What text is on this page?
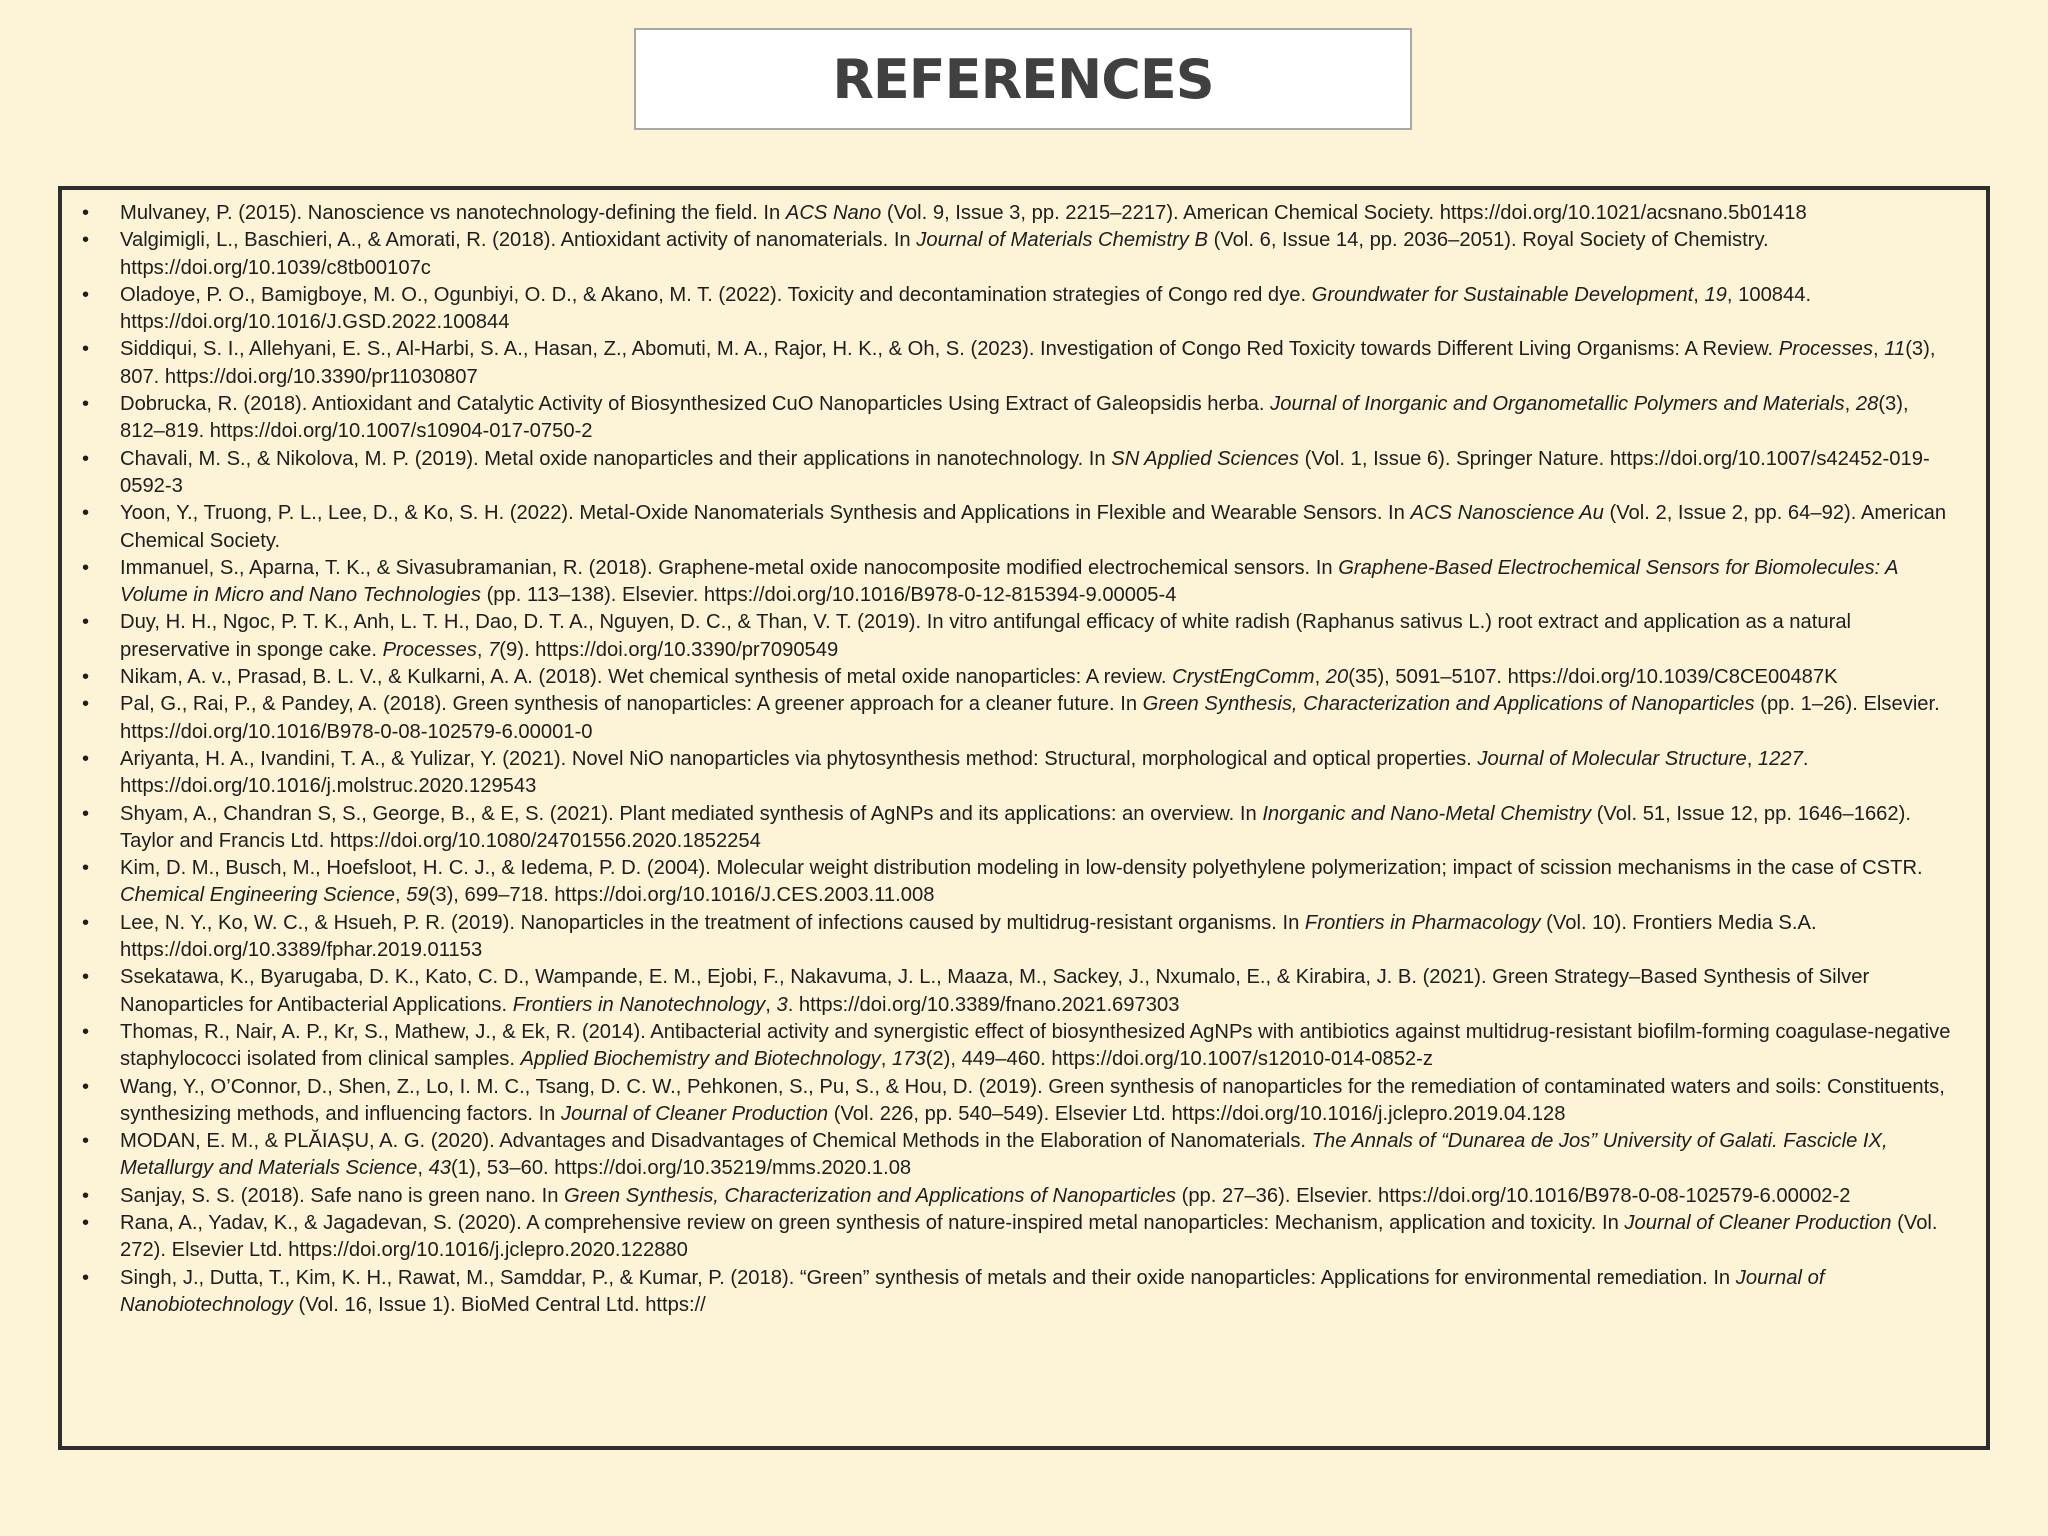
REFERENCES
• Mulvaney, P. (2015). Nanoscience vs nanotechnology-defining the field. In ACS Nano (Vol. 9, Issue 3, pp. 2215–2217). American Chemical Society. https://doi.org/10.1021/acsnano.5b01418
• Valgimigli, L., Baschieri, A., & Amorati, R. (2018). Antioxidant activity of nanomaterials. In Journal of Materials Chemistry B (Vol. 6, Issue 14, pp. 2036–2051). Royal Society of Chemistry. https://doi.org/10.1039/c8tb00107c
• Oladoye, P. O., Bamigboye, M. O., Ogunbiyi, O. D., & Akano, M. T. (2022). Toxicity and decontamination strategies of Congo red dye. Groundwater for Sustainable Development, 19, 100844. https://doi.org/10.1016/J.GSD.2022.100844
• Siddiqui, S. I., Allehyani, E. S., Al-Harbi, S. A., Hasan, Z., Abomuti, M. A., Rajor, H. K., & Oh, S. (2023). Investigation of Congo Red Toxicity towards Different Living Organisms: A Review. Processes, 11(3), 807. https://doi.org/10.3390/pr11030807
• Dobrucka, R. (2018). Antioxidant and Catalytic Activity of Biosynthesized CuO Nanoparticles Using Extract of Galeopsidis herba. Journal of Inorganic and Organometallic Polymers and Materials, 28(3), 812–819. https://doi.org/10.1007/s10904-017-0750-2
• Chavali, M. S., & Nikolova, M. P. (2019). Metal oxide nanoparticles and their applications in nanotechnology. In SN Applied Sciences (Vol. 1, Issue 6). Springer Nature. https://doi.org/10.1007/s42452-019-0592-3
• Yoon, Y., Truong, P. L., Lee, D., & Ko, S. H. (2022). Metal-Oxide Nanomaterials Synthesis and Applications in Flexible and Wearable Sensors. In ACS Nanoscience Au (Vol. 2, Issue 2, pp. 64–92). American Chemical Society.
• Immanuel, S., Aparna, T. K., & Sivasubramanian, R. (2018). Graphene-metal oxide nanocomposite modified electrochemical sensors. In Graphene-Based Electrochemical Sensors for Biomolecules: A Volume in Micro and Nano Technologies (pp. 113–138). Elsevier. https://doi.org/10.1016/B978-0-12-815394-9.00005-4
• Duy, H. H., Ngoc, P. T. K., Anh, L. T. H., Dao, D. T. A., Nguyen, D. C., & Than, V. T. (2019). In vitro antifungal efficacy of white radish (Raphanus sativus L.) root extract and application as a natural preservative in sponge cake. Processes, 7(9). https://doi.org/10.3390/pr7090549
• Nikam, A. v., Prasad, B. L. V., & Kulkarni, A. A. (2018). Wet chemical synthesis of metal oxide nanoparticles: A review. CrystEngComm, 20(35), 5091–5107. https://doi.org/10.1039/C8CE00487K
• Pal, G., Rai, P., & Pandey, A. (2018). Green synthesis of nanoparticles: A greener approach for a cleaner future. In Green Synthesis, Characterization and Applications of Nanoparticles (pp. 1–26). Elsevier. https://doi.org/10.1016/B978-0-08-102579-6.00001-0
• Ariyanta, H. A., Ivandini, T. A., & Yulizar, Y. (2021). Novel NiO nanoparticles via phytosynthesis method: Structural, morphological and optical properties. Journal of Molecular Structure, 1227. https://doi.org/10.1016/j.molstruc.2020.129543
• Shyam, A., Chandran S, S., George, B., & E, S. (2021). Plant mediated synthesis of AgNPs and its applications: an overview. In Inorganic and Nano-Metal Chemistry (Vol. 51, Issue 12, pp. 1646–1662). Taylor and Francis Ltd. https://doi.org/10.1080/24701556.2020.1852254
• Kim, D. M., Busch, M., Hoefsloot, H. C. J., & Iedema, P. D. (2004). Molecular weight distribution modeling in low-density polyethylene polymerization; impact of scission mechanisms in the case of CSTR. Chemical Engineering Science, 59(3), 699–718. https://doi.org/10.1016/J.CES.2003.11.008
• Lee, N. Y., Ko, W. C., & Hsueh, P. R. (2019). Nanoparticles in the treatment of infections caused by multidrug-resistant organisms. In Frontiers in Pharmacology (Vol. 10). Frontiers Media S.A. https://doi.org/10.3389/fphar.2019.01153
• Ssekatawa, K., Byarugaba, D. K., Kato, C. D., Wampande, E. M., Ejobi, F., Nakavuma, J. L., Maaza, M., Sackey, J., Nxumalo, E., & Kirabira, J. B. (2021). Green Strategy–Based Synthesis of Silver Nanoparticles for Antibacterial Applications. Frontiers in Nanotechnology, 3. https://doi.org/10.3389/fnano.2021.697303
• Thomas, R., Nair, A. P., Kr, S., Mathew, J., & Ek, R. (2014). Antibacterial activity and synergistic effect of biosynthesized AgNPs with antibiotics against multidrug-resistant biofilm-forming coagulase-negative staphylococci isolated from clinical samples. Applied Biochemistry and Biotechnology, 173(2), 449–460. https://doi.org/10.1007/s12010-014-0852-z
• Wang, Y., O’Connor, D., Shen, Z., Lo, I. M. C., Tsang, D. C. W., Pehkonen, S., Pu, S., & Hou, D. (2019). Green synthesis of nanoparticles for the remediation of contaminated waters and soils: Constituents, synthesizing methods, and influencing factors. In Journal of Cleaner Production (Vol. 226, pp. 540–549). Elsevier Ltd. https://doi.org/10.1016/j.jclepro.2019.04.128
• MODAN, E. M., & PLĂIAȘU, A. G. (2020). Advantages and Disadvantages of Chemical Methods in the Elaboration of Nanomaterials. The Annals of “Dunarea de Jos” University of Galati. Fascicle IX, Metallurgy and Materials Science, 43(1), 53–60. https://doi.org/10.35219/mms.2020.1.08
• Sanjay, S. S. (2018). Safe nano is green nano. In Green Synthesis, Characterization and Applications of Nanoparticles (pp. 27–36). Elsevier. https://doi.org/10.1016/B978-0-08-102579-6.00002-2
• Rana, A., Yadav, K., & Jagadevan, S. (2020). A comprehensive review on green synthesis of nature-inspired metal nanoparticles: Mechanism, application and toxicity. In Journal of Cleaner Production (Vol. 272). Elsevier Ltd. https://doi.org/10.1016/j.jclepro.2020.122880
• Singh, J., Dutta, T., Kim, K. H., Rawat, M., Samddar, P., & Kumar, P. (2018). “Green” synthesis of metals and their oxide nanoparticles: Applications for environmental remediation. In Journal of Nanobiotechnology (Vol. 16, Issue 1). BioMed Central Ltd. https://
